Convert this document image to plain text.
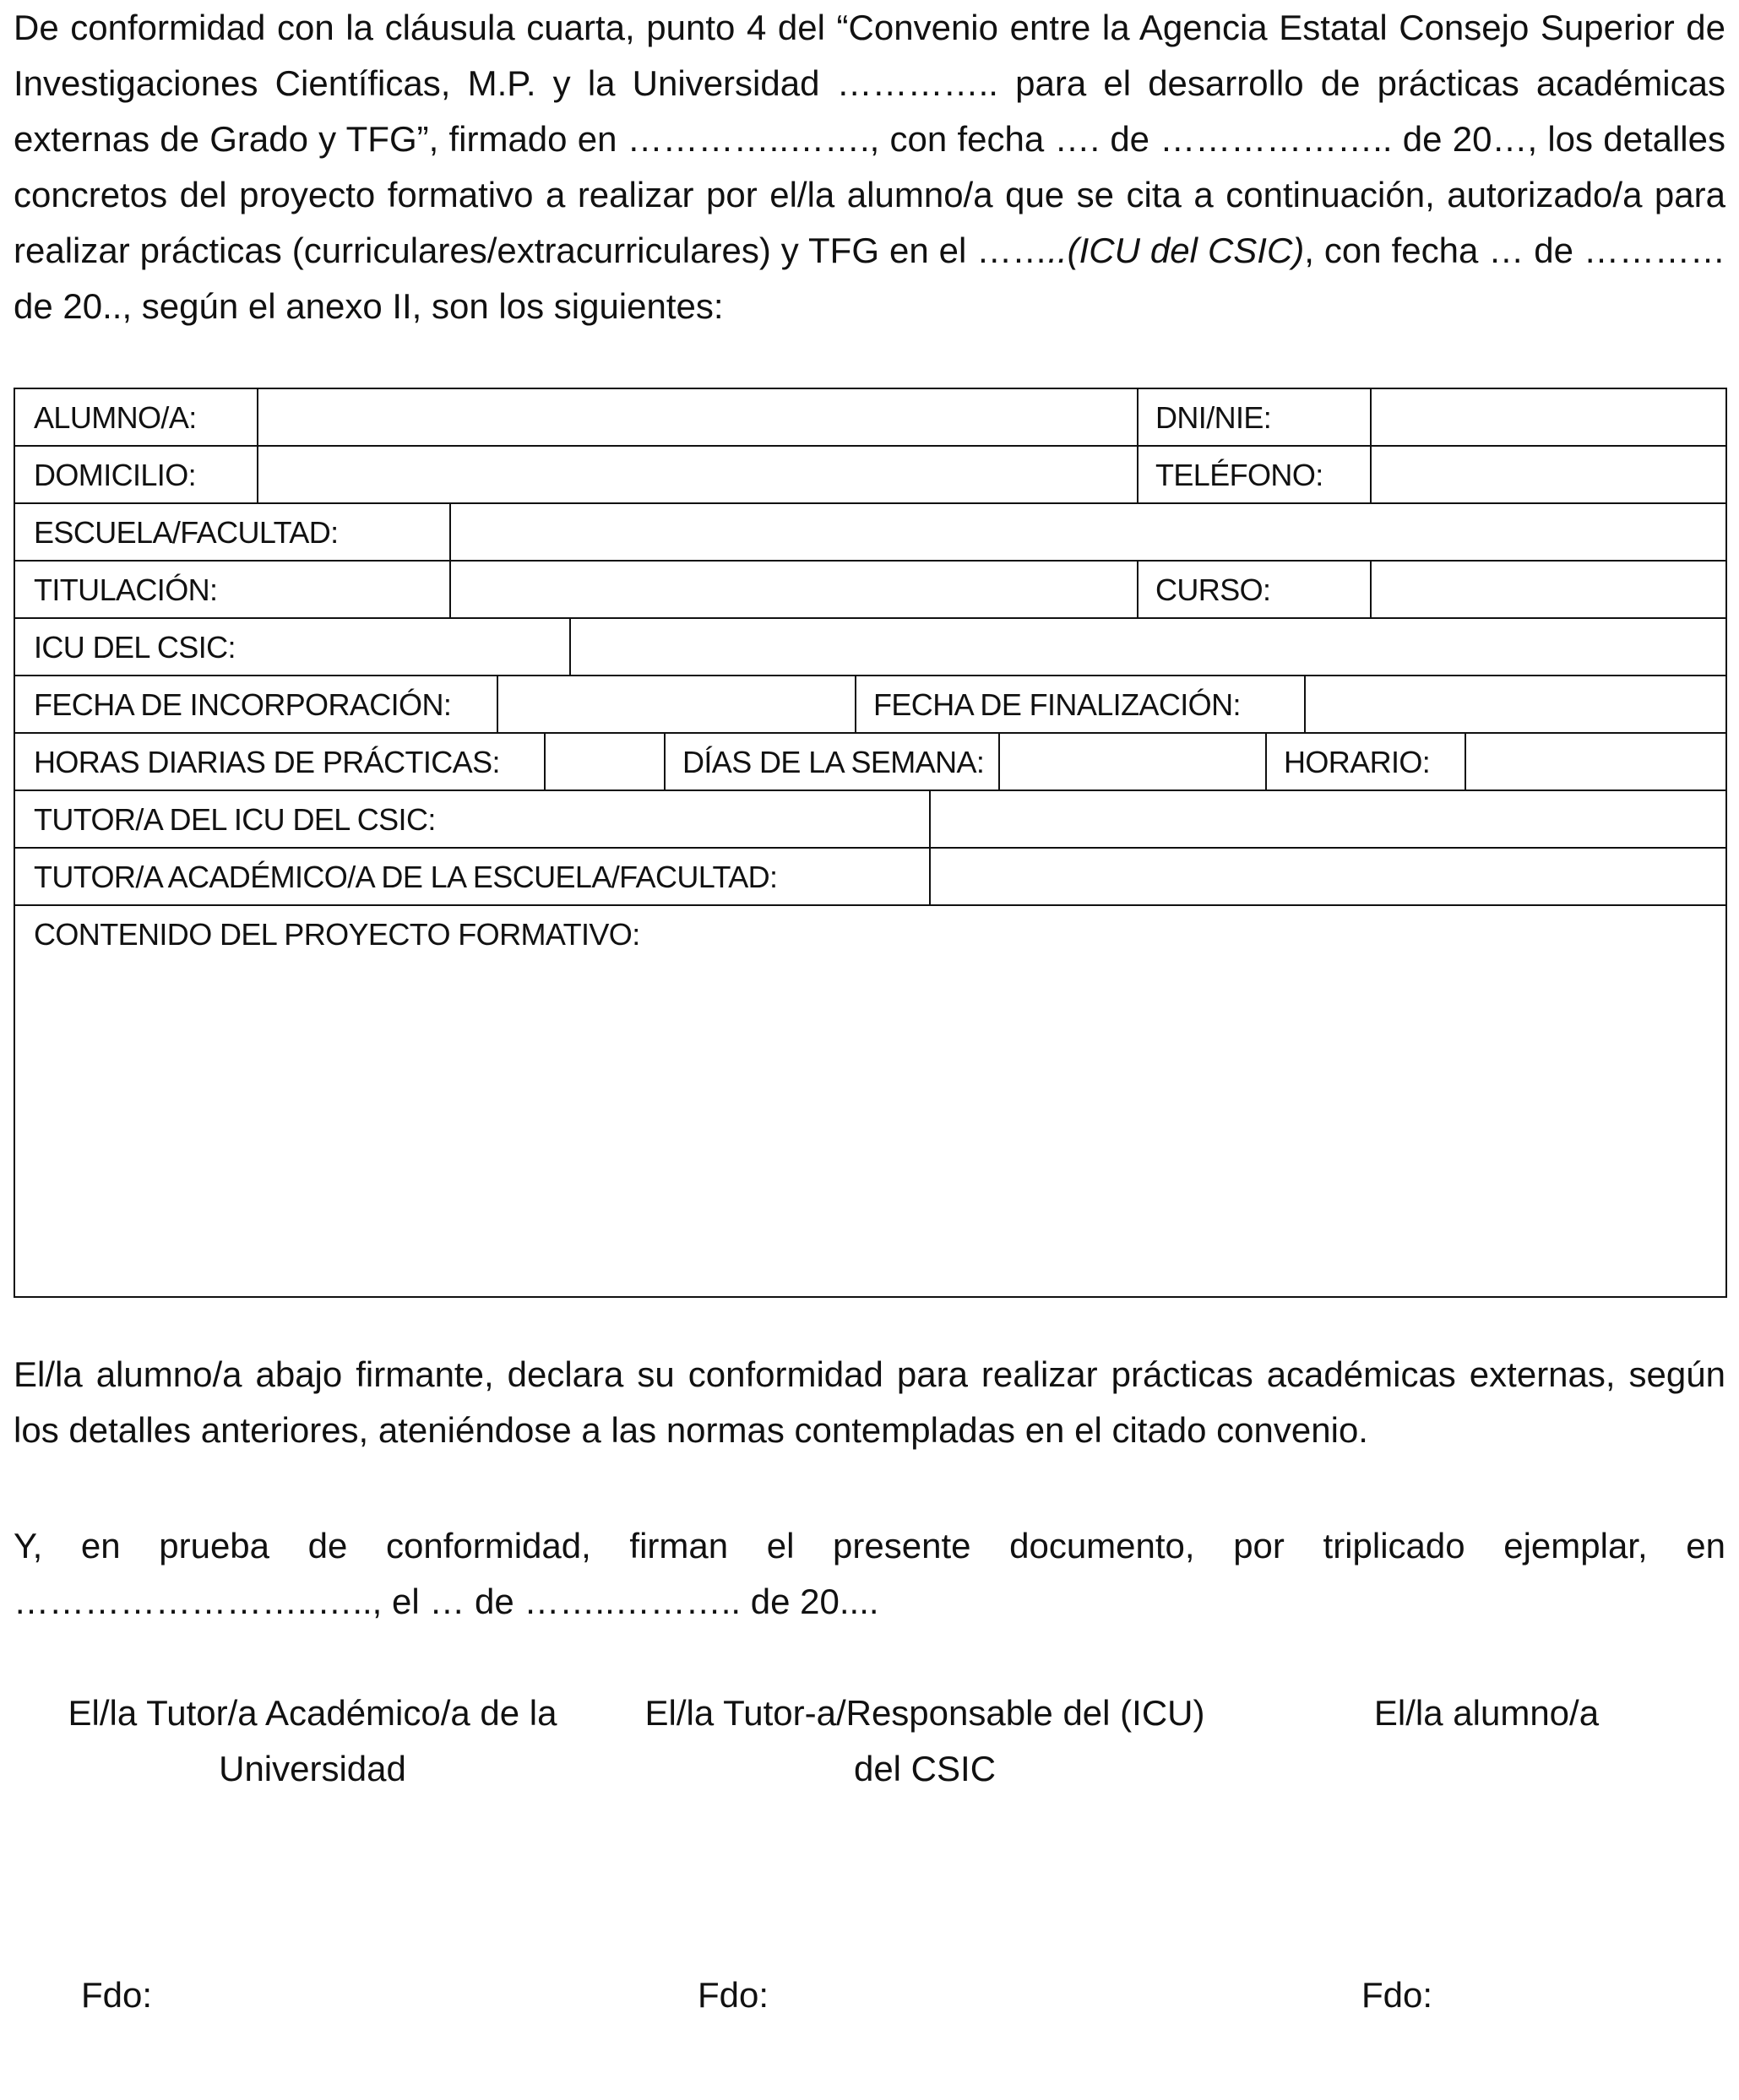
De conformidad con la cláusula cuarta, punto 4 del “Convenio entre la Agencia Estatal Consejo Superior de Investigaciones Científicas, M.P. y la Universidad ………….. para el desarrollo de prácticas académicas externas de Grado y TFG”, firmado en …………..……., con fecha …. de ……………….. de 20…, los detalles concretos del proyecto formativo a realizar por el/la alumno/a que se cita a continuación, autorizado/a para realizar prácticas (curriculares/extracurriculares) y TFG en el ……..(ICU del CSIC), con fecha … de ………… de 20.., según el anexo II, son los siguientes:

ALUMNO/A:	DNI/NIE:
DOMICILIO:	TELÉFONO:
ESCUELA/FACULTAD:
TITULACIÓN:	CURSO:
ICU DEL CSIC:
FECHA DE INCORPORACIÓN:	FECHA DE FINALIZACIÓN:
HORAS DIARIAS DE PRÁCTICAS:	DÍAS DE LA SEMANA:	HORARIO:
TUTOR/A DEL ICU DEL CSIC:
TUTOR/A ACADÉMICO/A DE LA ESCUELA/FACULTAD:
CONTENIDO DEL PROYECTO FORMATIVO:

El/la alumno/a abajo firmante, declara su conformidad para realizar prácticas académicas externas, según los detalles anteriores, ateniéndose a las normas contempladas en el citado convenio.

Y, en prueba de conformidad, firman el presente documento, por triplicado ejemplar, en ……………………..….., el … de ……..……….. de 20....

El/la Tutor/a Académico/a de la
Universidad
El/la Tutor-a/Responsable del (ICU)
del CSIC
El/la alumno/a
Fdo:	Fdo:	Fdo:
